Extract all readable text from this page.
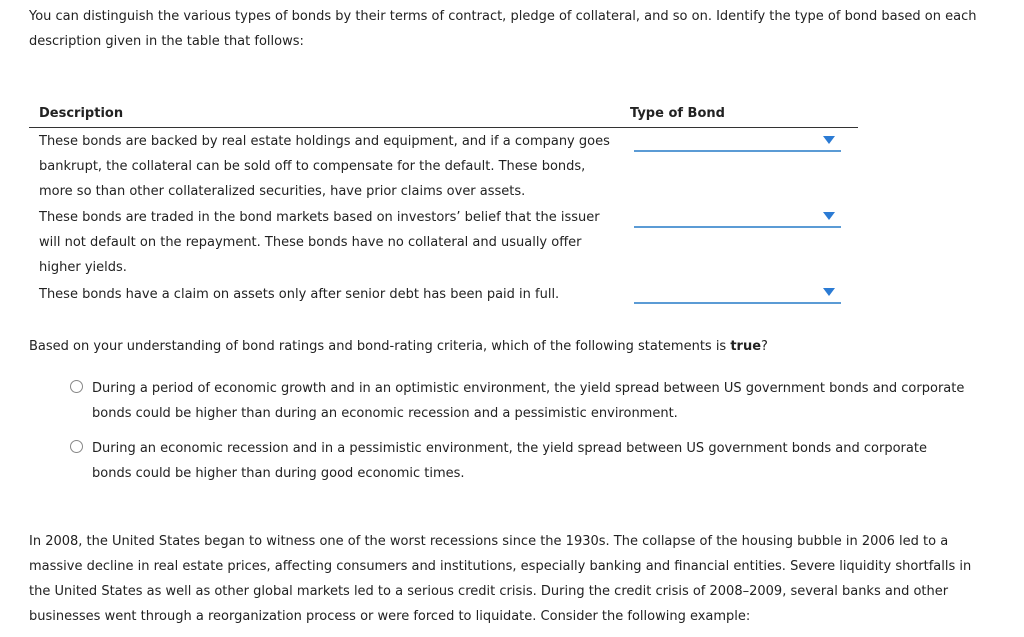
You can distinguish the various types of bonds by their terms of contract, pledge of collateral, and so on. Identify the type of bond based on each description given in the table that follows:

Description	Type of Bond
These bonds are backed by real estate holdings and equipment, and if a company goes bankrupt, the collateral can be sold off to compensate for the default. These bonds, more so than other collateralized securities, have prior claims over assets.
These bonds are traded in the bond markets based on investors’ belief that the issuer will not default on the repayment. These bonds have no collateral and usually offer higher yields.
These bonds have a claim on assets only after senior debt has been paid in full.
Based on your understanding of bond ratings and bond-rating criteria, which of the following statements is true?
During a period of economic growth and in an optimistic environment, the yield spread between US government bonds and corporate bonds could be higher than during an economic recession and a pessimistic environment.
During an economic recession and in a pessimistic environment, the yield spread between US government bonds and corporate bonds could be higher than during good economic times.

In 2008, the United States began to witness one of the worst recessions since the 1930s. The collapse of the housing bubble in 2006 led to a massive decline in real estate prices, affecting consumers and institutions, especially banking and financial entities. Severe liquidity shortfalls in the United States as well as other global markets led to a serious credit crisis. During the credit crisis of 2008–2009, several banks and other businesses went through a reorganization process or were forced to liquidate. Consider the following example:
